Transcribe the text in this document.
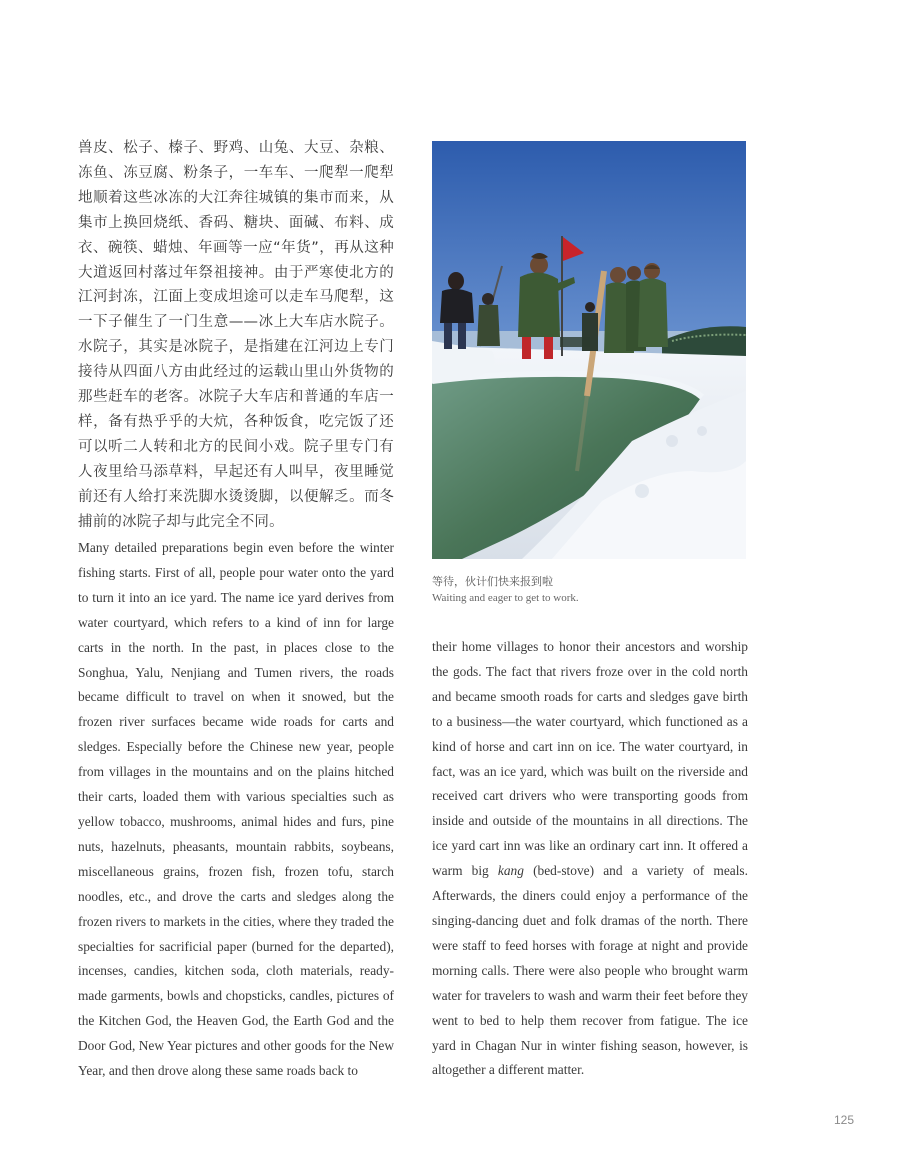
兽皮、松子、榛子、野鸡、山兔、大豆、杂粮、冻鱼、冻豆腐、粉条子，一车车、一爬犁一爬犁地顺着这些冰冻的大江奔往城镇的集市而来，从集市上换回烧纸、香码、糖块、面碱、布料、成衣、碗筷、蜡烛、年画等一应“年货”，再从这种大道返回村落过年祭祖接神。由于严寒使北方的江河封冻，江面上变成坦途可以走车马爬犁，这一下子催生了一门生意——冰上大车店水院子。水院子，其实是冰院子，是指建在江河边上专门接待从四面八方由此经过的运载山里山外货物的那些赶车的老客。冰院子大车店和普通的车店一样，备有热乎乎的大炕，各种饭食，吃完饭了还可以听二人转和北方的民间小戏。院子里专门有人夜里给马添草料，早起还有人叫早，夜里睡觉前还有人给打来洗脚水烫烫脚，以便解乏。而冬捕前的冰院子却与此完全不同。

等待，伙计们快来报到啦

Waiting and eager to get to work.

Many detailed preparations begin even before the winter fishing starts. First of all, people pour water onto the yard to turn it into an ice yard. The name ice yard derives from water courtyard, which refers to a kind of inn for large carts in the north. In the past, in places close to the Songhua, Yalu, Nenjiang and Tumen rivers, the roads became difficult to travel on when it snowed, but the frozen river surfaces became wide roads for carts and sledges. Especially before the Chinese new year, people from villages in the mountains and on the plains hitched their carts, loaded them with various specialties such as yellow tobacco, mushrooms, animal hides and furs, pine nuts, hazelnuts, pheasants, mountain rabbits, soybeans, miscellaneous grains, frozen fish, frozen tofu, starch noodles, etc., and drove the carts and sledges along the frozen rivers to markets in the cities, where they traded the specialties for sacrificial paper (burned for the departed), incenses, candies, kitchen soda, cloth materials, ready-made garments, bowls and chopsticks, candles, pictures of the Kitchen God, the Heaven God, the Earth God and the Door God, New Year pictures and other goods for the New Year, and then drove along these same roads back to

their home villages to honor their ancestors and worship the gods. The fact that rivers froze over in the cold north and became smooth roads for carts and sledges gave birth to a business—the water courtyard, which functioned as a kind of horse and cart inn on ice. The water courtyard, in fact, was an ice yard, which was built on the riverside and received cart drivers who were transporting goods from inside and outside of the mountains in all directions. The ice yard cart inn was like an ordinary cart inn. It offered a warm big kang (bed-stove) and a variety of meals. Afterwards, the diners could enjoy a performance of the singing-dancing duet and folk dramas of the north. There were staff to feed horses with forage at night and provide morning calls. There were also people who brought warm water for travelers to wash and warm their feet before they went to bed to help them recover from fatigue. The ice yard in Chagan Nur in winter fishing season, however, is altogether a different matter.

125
